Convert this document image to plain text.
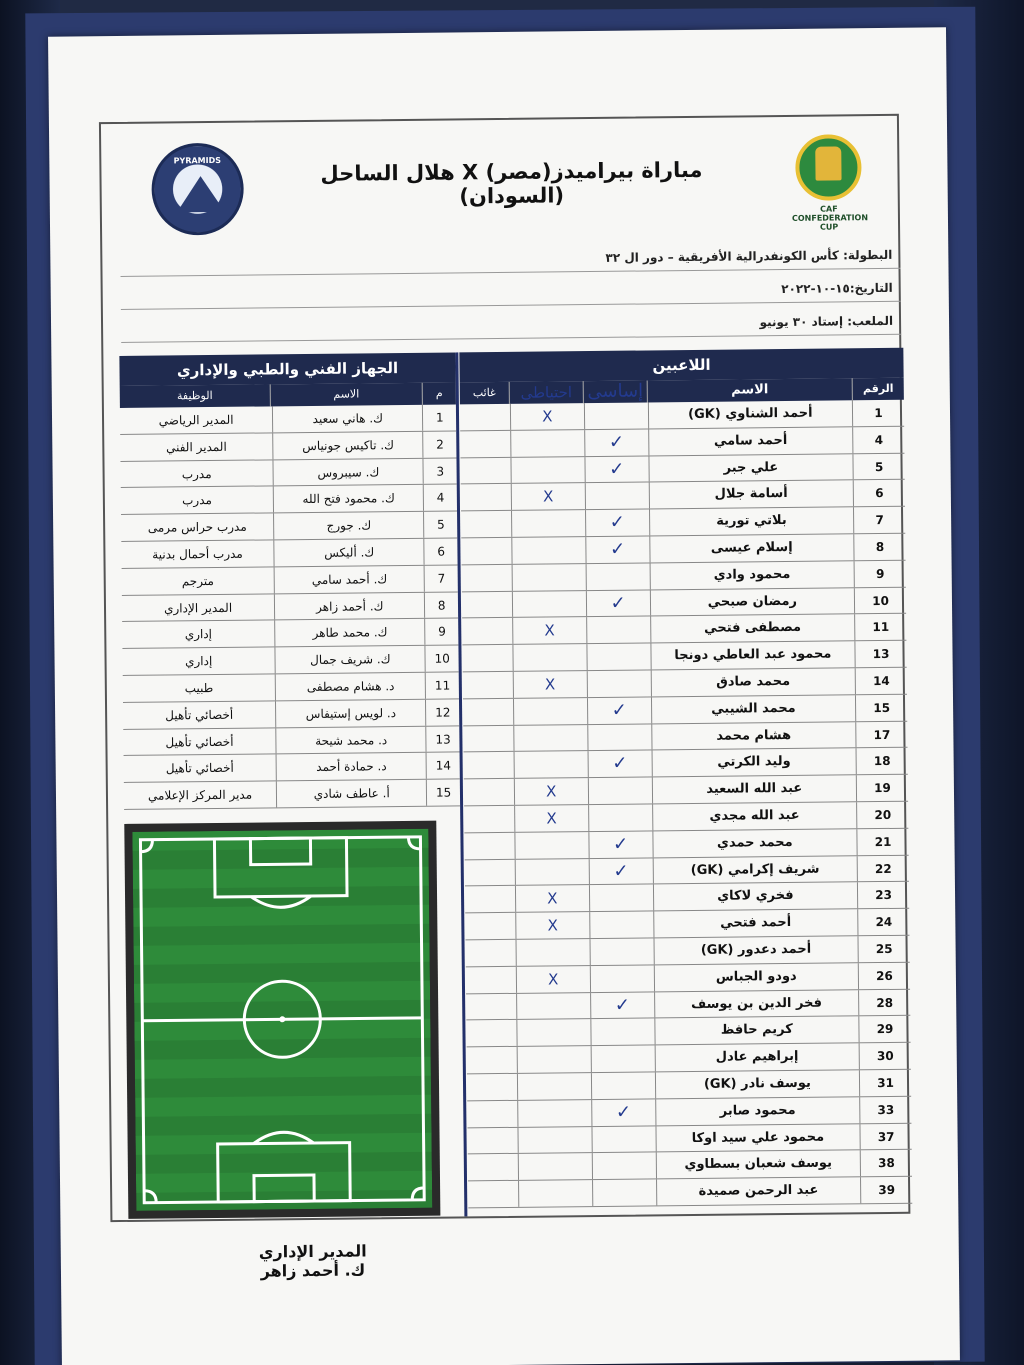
PYRAMIDS	مباراة بيراميدز(مصر) X هلال الساحل (السودان)
CAF CONFEDERATION CUP
البطولة: كأس الكونفدرالية الأفريقية – دور ال ٣٢
التاريخ:١٥-١٠-٢٠٢٢
الملعب: إستاد ٣٠ يونيو
اللاعبين
الرقم
الاسم
إساسى
احتياطى
غائب
1
أحمد الشناوي (GK)
X
4
أحمد سامي
✓
5
علي جبر
✓
6
أسامة جلال
X
7
بلاتي تورية
✓
8
إسلام عيسى
✓
9
محمود وادي
10
رمضان صبحي
✓
11
مصطفى فتحي
X
13
محمود عبد العاطي دونجا
14
محمد صادق
X
15
محمد الشيبي
✓
17
هشام محمد
18
وليد الكرتي
✓
19
عبد الله السعيد
X
20
عبد الله مجدي
X
21
محمد حمدي
✓
22
شريف إكرامي (GK)
✓
23
فخري لاكاي
X
24
أحمد فتحي
X
25
أحمد دعدور (GK)
26
دودو الجباس
X
28
فخر الدين بن يوسف
✓
29
كريم حافظ
30
إبراهيم عادل
31
يوسف نادر (GK)
33
محمود صابر
✓
37
محمود علي سيد اوكا
38
يوسف شعبان بسطاوي
39
عبد الرحمن صميدة
الجهاز الفني والطبي والإداري
م
الاسم
الوظيفة
1
ك. هاني سعيد
المدير الرياضي
2
ك. تاكيس جونياس
المدير الفني
3
ك. سيبروس
مدرب
4
ك. محمود فتح الله
مدرب
5
ك. جورج
مدرب حراس مرمى
6
ك. أليكس
مدرب أحمال بدنية
7
ك. أحمد سامي
مترجم
8
ك. أحمد زاهر
المدير الإداري
9
ك. محمد طاهر
إداري
10
ك. شريف جمال
إداري
11
د. هشام مصطفى
طبيب
12
د. لويس إستيفاس
أخصائي تأهيل
13
د. محمد شيحة
أخصائي تأهيل
14
د. حمادة أحمد
أخصائي تأهيل
15
أ. عاطف شادي
مدير المركز الإعلامي
المدير الإداري
ك. أحمد زاهر
